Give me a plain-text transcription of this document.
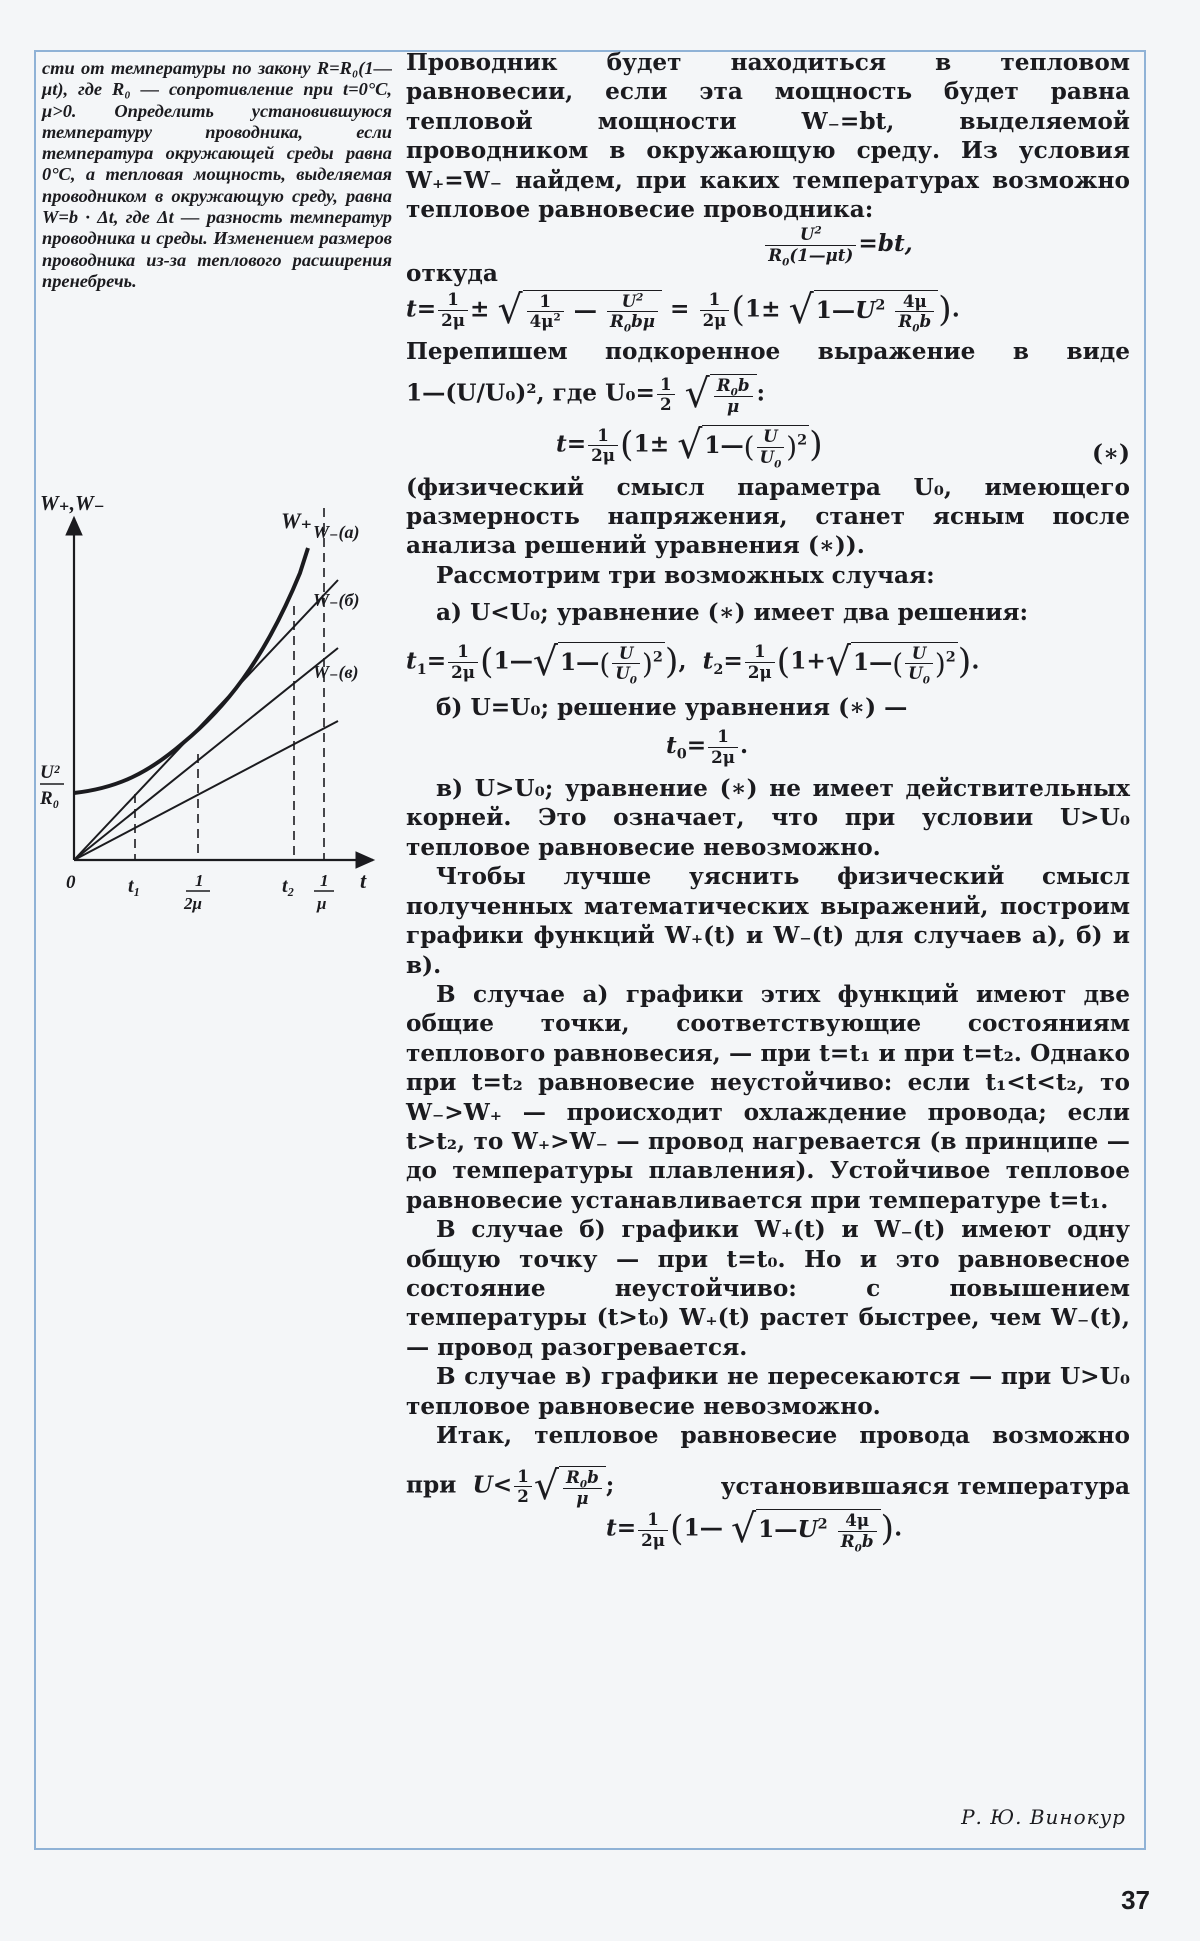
сти от температуры по закону R=R₀(1—μt), где R₀ — сопротивление при t=0°C, μ>0. Определить установившуюся температуру проводника, если температура окружающей среды равна 0°C, а тепловая мощность, выделяемая проводником в окружающую среду, равна W=b · Δt, где Δt — разность температур проводника и среды. Изменением размеров проводника из-за теплового расширения пренебречь.

W₊,W₋
t
0
U²
R₀
W₊ W₋(а)
W₋(б)
W₋(в)
t₁	1
2μ
t₂ 1
μ

Проводник будет находиться в тепловом равновесии, если эта мощность будет равна тепловой мощности W₋=bt, выделяемой проводником в окружающую среду. Из условия W₊=W₋ найдем, при каких температурах возможно тепловое равновесие проводника:

$\frac{U^2}{R_0(1—\mu t)} =bt$,

откуда

$t= \frac{1}{2\mu}$ ± √ $\frac{1}{4\mu^2}$ — $\frac{U^2}{R_0b\mu} = \frac{1}{2\mu} (1\pm$ $√1—U^2 \frac{4\mu}{R_0b}$ ).

Перепишем подкоренное выражение в виде

1—(U/U₀)², где $U_0= \frac{1}{2}$ √ $\frac{R_0b}{\mu}$ :
$t= \frac{1}{2\mu} (1\pm$ √1—( $\frac{U}{U_0} )^2$)	(∗)

(физический смысл параметра U₀, имеющего размерность напряжения, станет ясным после анализа решений уравнения (∗)).

Рассмотрим три возможных случая:

а) U<U₀; уравнение (∗) имеет два решения:

$t_1= \frac{1}{2\mu}$ (1—√1—( $\frac{U}{U_0} )^2$),  $t_2= \frac{1}{2\mu}$ (1+√1—( $\frac{U}{U_0} )^2$).

б) U=U₀; решение уравнения (∗) —

$t_0= \frac{1}{2\mu}$ .

в) U>U₀; уравнение (∗) не имеет действительных корней. Это означает, что при условии U>U₀ тепловое равновесие невозможно.

Чтобы лучше уяснить физический смысл полученных математических выражений, построим графики функций W₊(t) и W₋(t) для случаев а), б) и в).

В случае а) графики этих функций имеют две общие точки, соответствующие состояниям теплового равновесия, — при t=t₁ и при t=t₂. Однако при t=t₂ равновесие неустойчиво: если t₁<t<t₂, то W₋>W₊ — происходит охлаждение провода; если t>t₂, то W₊>W₋ — провод нагревается (в принципе — до температуры плавления). Устойчивое тепловое равновесие устанавливается при температуре t=t₁.

В случае б) графики W₊(t) и W₋(t) имеют одну общую точку — при t=t₀. Но и это равновесное состояние неустойчиво: с повышением температуры (t>t₀) W₊(t) растет быстрее, чем W₋(t), — провод разогревается.

В случае в) графики не пересекаются — при U>U₀ тепловое равновесие невозможно.

Итак, тепловое равновесие провода возможно

при $U< \frac{1}{2}$ √ $\frac{R_0b}{\mu}$ ;	установившаяся температура
$t= \frac{1}{2\mu}$ (1— $√1—U^2 \frac{4\mu}{R_0b}$ ).
Р. Ю. Винокур
37
